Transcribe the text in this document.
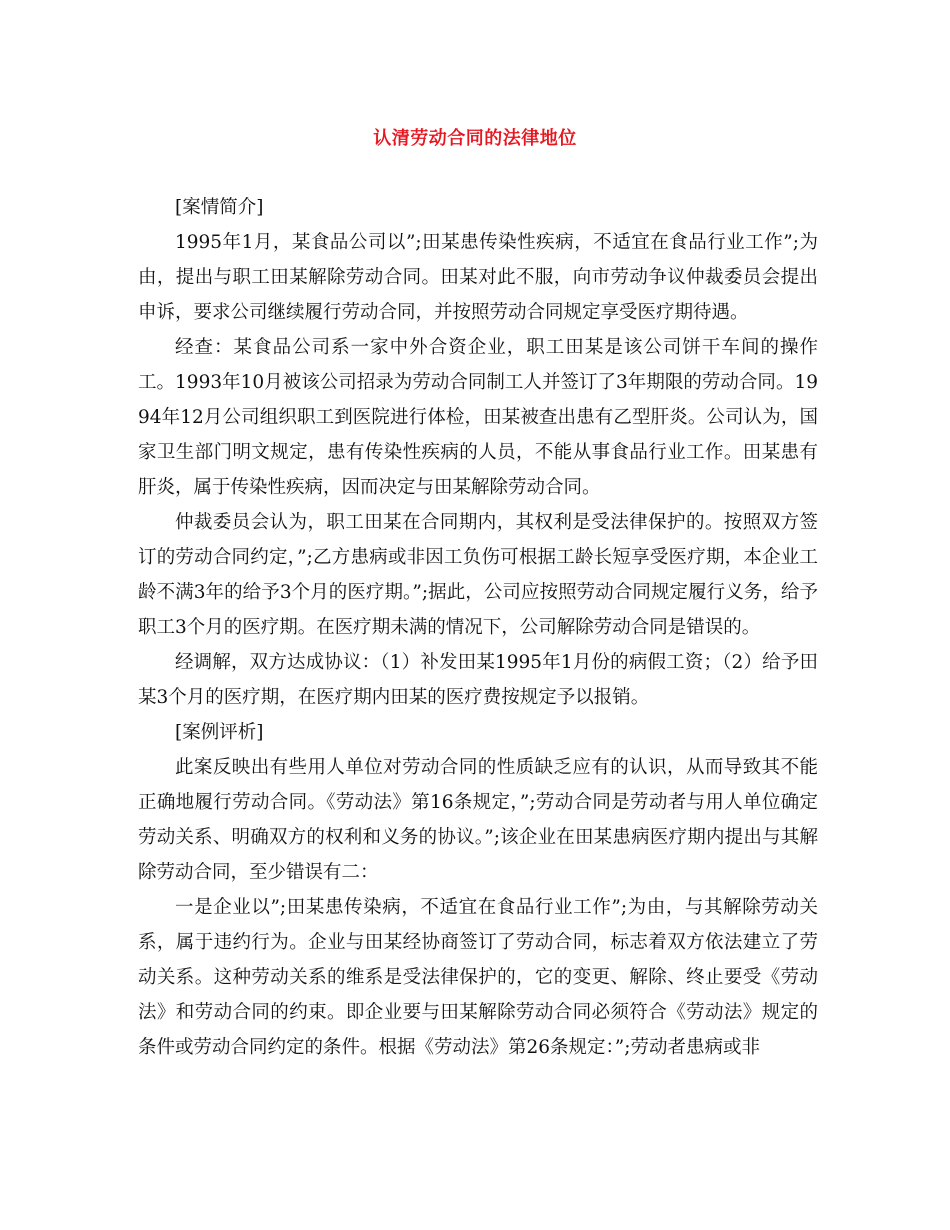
认清劳动合同的法律地位

[案情简介]

1995年1月，某食品公司以”;田某患传染性疾病，不适宜在食品行业工作”;为由，提出与职工田某解除劳动合同。田某对此不服，向市劳动争议仲裁委员会提出申诉，要求公司继续履行劳动合同，并按照劳动合同规定享受医疗期待遇。

经查：某食品公司系一家中外合资企业，职工田某是该公司饼干车间的操作工。1993年10月被该公司招录为劳动合同制工人并签订了3年期限的劳动合同。1994年12月公司组织职工到医院进行体检，田某被查出患有乙型肝炎。公司认为，国家卫生部门明文规定，患有传染性疾病的人员，不能从事食品行业工作。田某患有肝炎，属于传染性疾病，因而决定与田某解除劳动合同。

仲裁委员会认为，职工田某在合同期内，其权利是受法律保护的。按照双方签订的劳动合同约定，”;乙方患病或非因工负伤可根据工龄长短享受医疗期，本企业工龄不满3年的给予3个月的医疗期。”;据此，公司应按照劳动合同规定履行义务，给予职工3个月的医疗期。在医疗期未满的情况下，公司解除劳动合同是错误的。

经调解，双方达成协议：（1）补发田某1995年1月份的病假工资；（2）给予田某3个月的医疗期，在医疗期内田某的医疗费按规定予以报销。

[案例评析]

此案反映出有些用人单位对劳动合同的性质缺乏应有的认识，从而导致其不能正确地履行劳动合同。《劳动法》第16条规定，”;劳动合同是劳动者与用人单位确定劳动关系、明确双方的权利和义务的协议。”;该企业在田某患病医疗期内提出与其解除劳动合同，至少错误有二：

一是企业以”;田某患传染病，不适宜在食品行业工作”;为由，与其解除劳动关系，属于违约行为。企业与田某经协商签订了劳动合同，标志着双方依法建立了劳动关系。这种劳动关系的维系是受法律保护的，它的变更、解除、终止要受《劳动法》和劳动合同的约束。即企业要与田某解除劳动合同必须符合《劳动法》规定的条件或劳动合同约定的条件。根据《劳动法》第26条规定：”;劳动者患病或非
